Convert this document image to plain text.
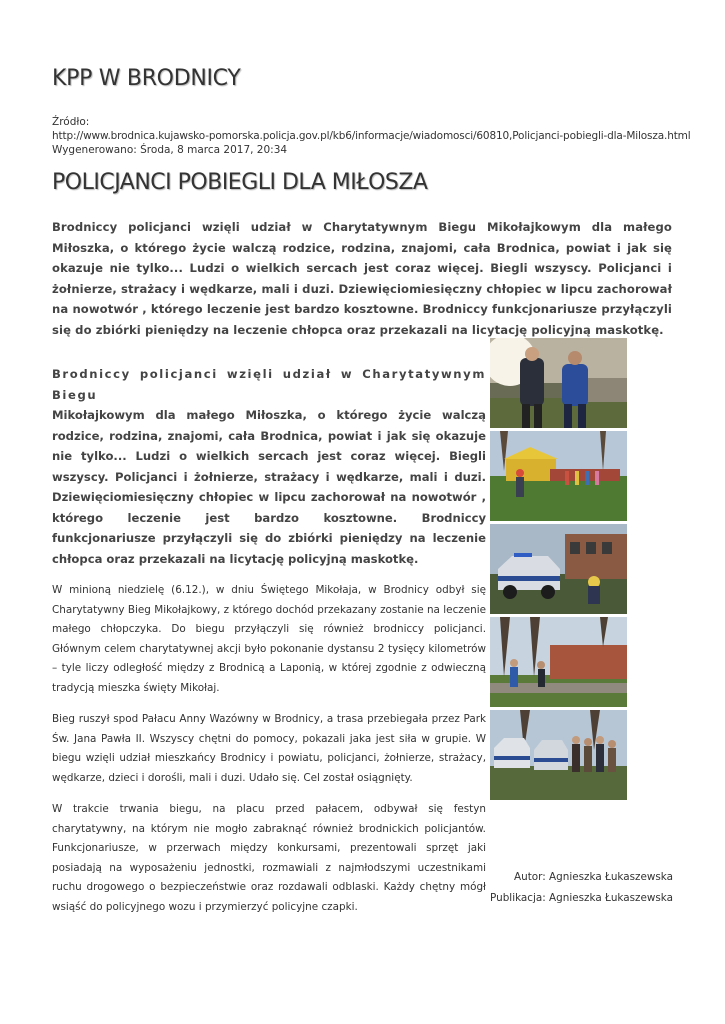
KPP W BRODNICY
Źródło:
http://www.brodnica.kujawsko-pomorska.policja.gov.pl/kb6/informacje/wiadomosci/60810,Policjanci-pobiegli-dla-Milosza.html
Wygenerowano: Środa, 8 marca 2017, 20:34
POLICJANCI POBIEGLI DLA MIŁOSZA

Brodniccy policjanci wzięli udział w Charytatywnym Biegu Mikołajkowym dla małego Miłoszka, o którego życie walczą rodzice, rodzina, znajomi, cała Brodnica, powiat i jak się okazuje nie tylko... Ludzi o wielkich sercach jest coraz więcej. Biegli wszyscy. Policjanci i żołnierze, strażacy i wędkarze, mali i duzi. Dziewięciomiesięczny chłopiec w lipcu zachorował na nowotwór , którego leczenie jest bardzo kosztowne. Brodniccy funkcjonariusze przyłączyli się do zbiórki pieniędzy na leczenie chłopca oraz przekazali na licytację policyjną maskotkę.

Brodniccy policjanci wzięli udział w Charytatywnym Biegu

Mikołajkowym dla małego Miłoszka, o którego życie walczą rodzice, rodzina, znajomi, cała Brodnica, powiat i jak się okazuje nie tylko... Ludzi o wielkich sercach jest coraz więcej. Biegli wszyscy. Policjanci i żołnierze, strażacy i wędkarze, mali i duzi. Dziewięciomiesięczny chłopiec w lipcu zachorował na nowotwór , którego leczenie jest bardzo kosztowne. Brodniccy funkcjonariusze przyłączyli się do zbiórki pieniędzy na leczenie chłopca oraz przekazali na licytację policyjną maskotkę.

W minioną niedzielę (6.12.), w dniu Świętego Mikołaja, w Brodnicy odbył się Charytatywny Bieg Mikołajkowy, z którego dochód przekazany zostanie na leczenie małego chłopczyka. Do biegu przyłączyli się również brodniccy policjanci. Głównym celem charytatywnej akcji było pokonanie dystansu 2 tysięcy kilometrów – tyle liczy odległość między z Brodnicą a Laponią, w której zgodnie z odwieczną tradycją mieszka święty Mikołaj.

Bieg ruszył spod Pałacu Anny Wazówny w Brodnicy, a trasa przebiegała przez Park Św. Jana Pawła II. Wszyscy chętni do pomocy, pokazali jaka jest siła w grupie. W biegu wzięli udział mieszkańcy Brodnicy i powiatu, policjanci, żołnierze, strażacy, wędkarze, dzieci i dorośli, mali i duzi. Udało się. Cel został osiągnięty.

W trakcie trwania biegu, na placu przed pałacem, odbywał się festyn charytatywny, na którym nie mogło zabraknąć również brodnickich policjantów. Funkcjonariusze, w przerwach między konkursami, prezentowali sprzęt jaki posiadają na wyposażeniu jednostki, rozmawiali z najmłodszymi uczestnikami ruchu drogowego o bezpieczeństwie oraz rozdawali odblaski. Każdy chętny mógł wsiąść do policyjnego wozu i przymierzyć policyjne czapki.

Autor: Agnieszka Łukaszewska
Publikacja: Agnieszka Łukaszewska
